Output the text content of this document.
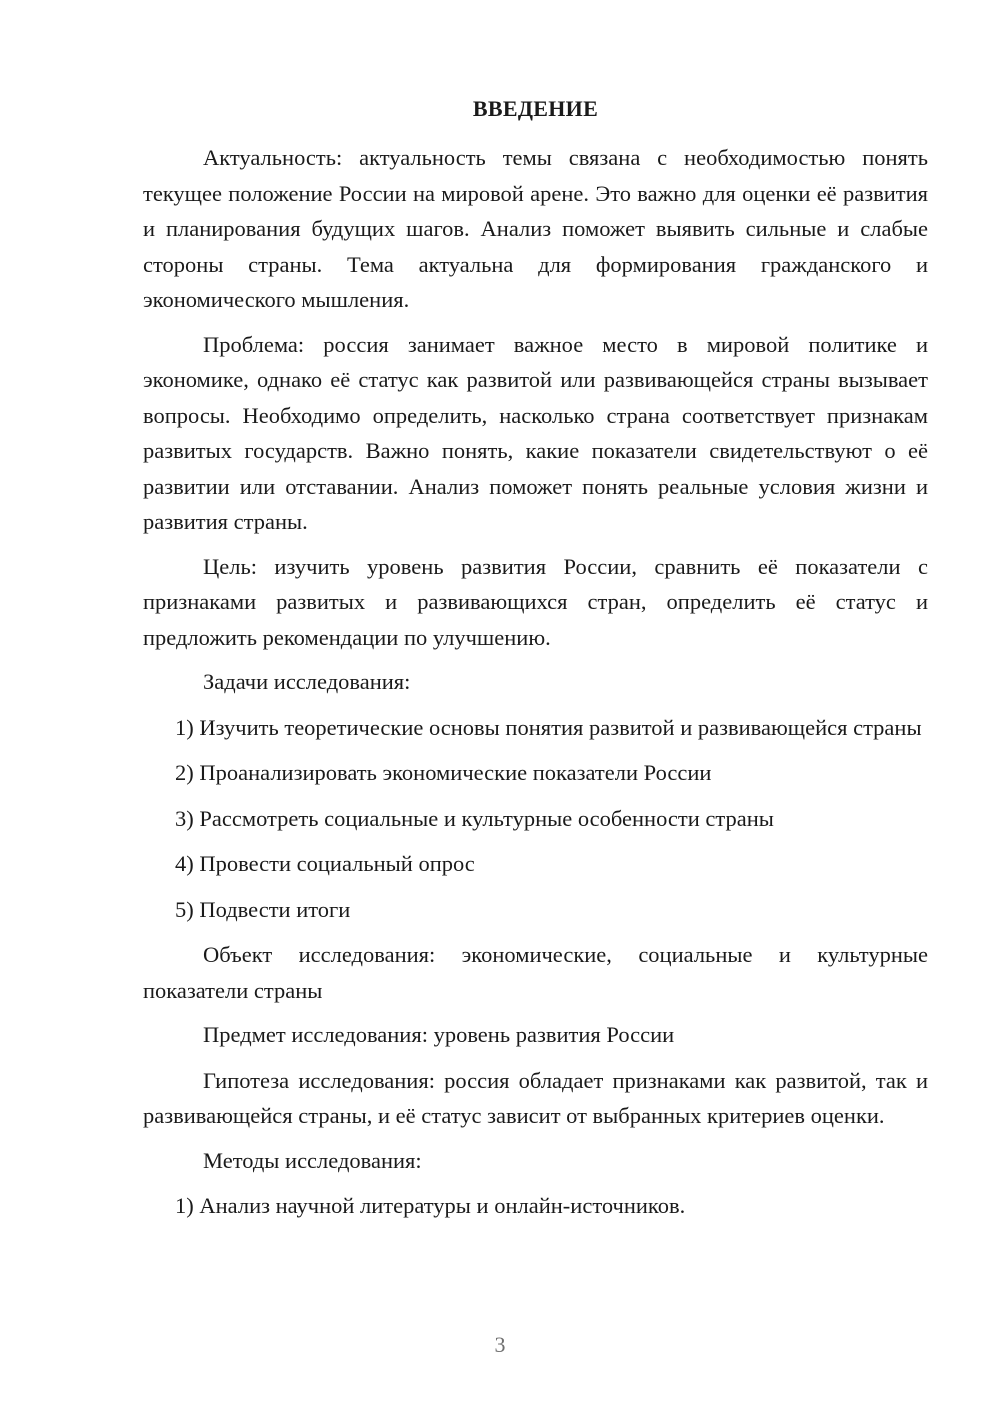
ВВЕДЕНИЕ

Актуальность: актуальность темы связана с необходимостью понять текущее положение России на мировой арене. Это важно для оценки её развития и планирования будущих шагов. Анализ поможет выявить сильные и слабые стороны страны. Тема актуальна для формирования гражданского и экономического мышления.

Проблема: россия занимает важное место в мировой политике и экономике, однако её статус как развитой или развивающейся страны вызывает вопросы. Необходимо определить, насколько страна соответствует признакам развитых государств. Важно понять, какие показатели свидетельствуют о её развитии или отставании. Анализ поможет понять реальные условия жизни и развития страны.

Цель: изучить уровень развития России, сравнить её показатели с признаками развитых и развивающихся стран, определить её статус и предложить рекомендации по улучшению.

Задачи исследования:

1) Изучить теоретические основы понятия развитой и развивающейся страны

2) Проанализировать экономические показатели России

3) Рассмотреть социальные и культурные особенности страны

4) Провести социальный опрос

5) Подвести итоги

Объект исследования: экономические, социальные и культурные показатели страны

Предмет исследования: уровень развития России

Гипотеза исследования: россия обладает признаками как развитой, так и развивающейся страны, и её статус зависит от выбранных критериев оценки.

Методы исследования:

1) Анализ научной литературы и онлайн-источников.

3
